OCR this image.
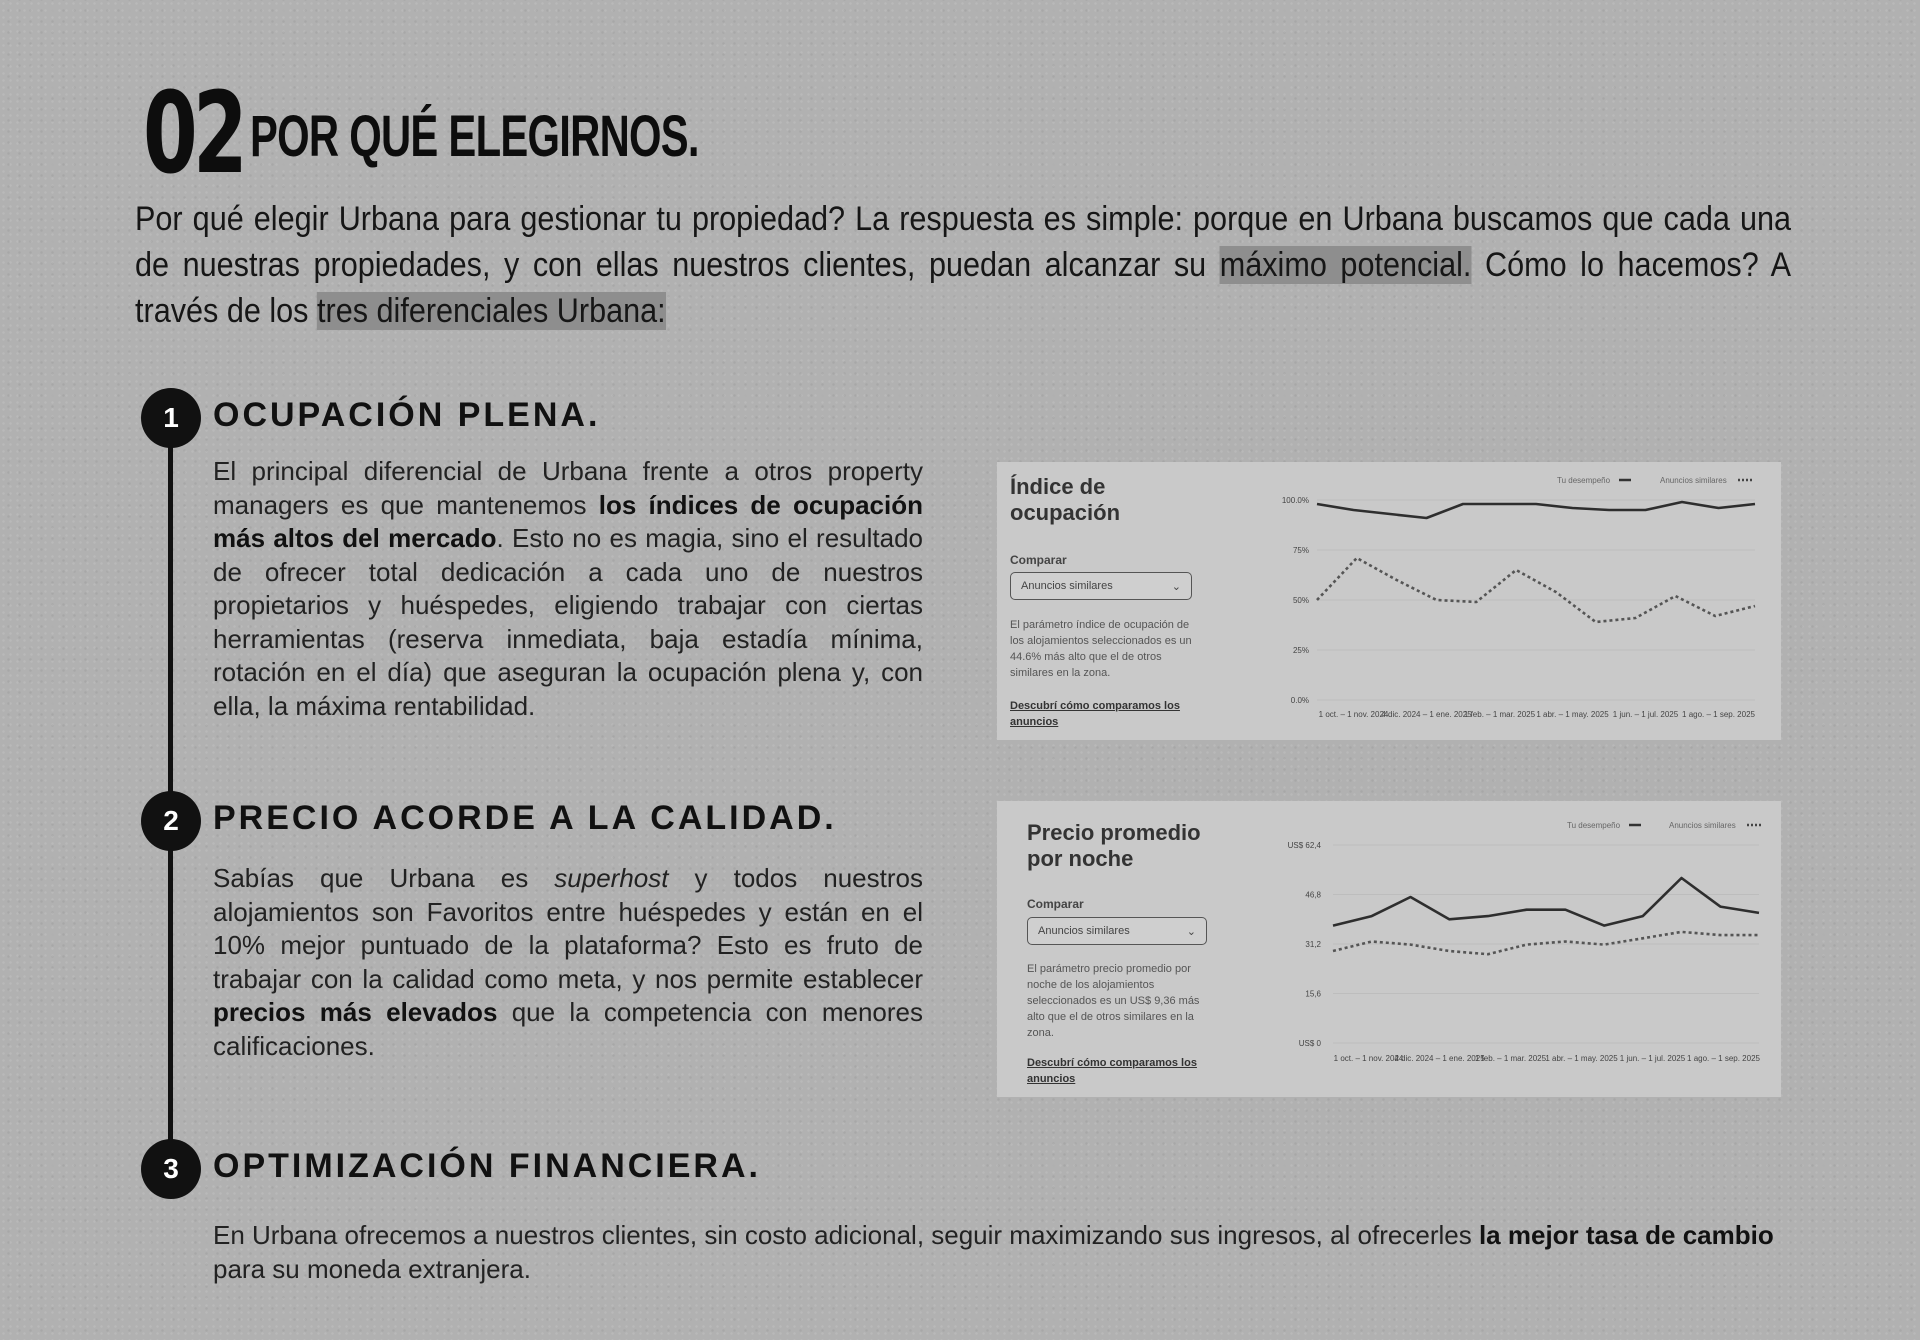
02 POR QUÉ ELEGIRNOS.
Por qué elegir Urbana para gestionar tu propiedad? La respuesta es simple: porque en Urbana buscamos que cada una de nuestras propiedades, y con ellas nuestros clientes, puedan alcanzar su máximo potencial. Cómo lo hacemos? A través de los tres diferenciales Urbana:
1	OCUPACIÓN PLENA.
El principal diferencial de Urbana frente a otros property managers es que mantenemos los índices de ocupación más altos del mercado. Esto no es magia, sino el resultado de ofrecer total dedicación a cada uno de nuestros propietarios y huéspedes, eligiendo trabajar con ciertas herramientas (reserva inmediata, baja estadía mínima, rotación en el día) que aseguran la ocupación plena y, con ella, la máxima rentabilidad.
2	PRECIO ACORDE A LA CALIDAD.
Sabías que Urbana es superhost y todos nuestros alojamientos son Favoritos entre huéspedes y están en el 10% mejor puntuado de la plataforma? Esto es fruto de trabajar con la calidad como meta, y nos permite establecer precios más elevados que la competencia con menores calificaciones.
3	OPTIMIZACIÓN FINANCIERA.
En Urbana ofrecemos a nuestros clientes, sin costo adicional, seguir maximizando sus ingresos, al ofrecerles la mejor tasa de cambio para su moneda extranjera.
Índice de ocupación
Comparar
Anuncios similares	⌄
El parámetro índice de ocupación de los alojamientos seleccionados es un 44.6% más alto que el de otros similares en la zona.
Descubrí cómo comparamos los anuncios
100.0%
75%
50%
25%
0.0%
1 oct. – 1 nov. 2024
4 dic. 2024 – 1 ene. 2025
1 feb. – 1 mar. 2025 1 abr. – 1 may. 2025 1 jun. – 1 jul. 2025 1 ago. – 1 sep. 2025
Tu desempeño	Anuncios similares
Precio promedio por noche
Comparar
Anuncios similares	⌄
El parámetro precio promedio por noche de los alojamientos seleccionados es un US$ 9,36 más alto que el de otros similares en la zona.
Descubrí cómo comparamos los anuncios
US$ 62,4
46,8
31,2
15,6
US$ 0
1 oct. – 1 nov. 2024
4 dic. 2024 – 1 ene. 2025
1 feb. – 1 mar. 2025 1 abr. – 1 may. 2025 1 jun. – 1 jul. 2025 1 ago. – 1 sep. 2025
Tu desempeño	Anuncios similares
